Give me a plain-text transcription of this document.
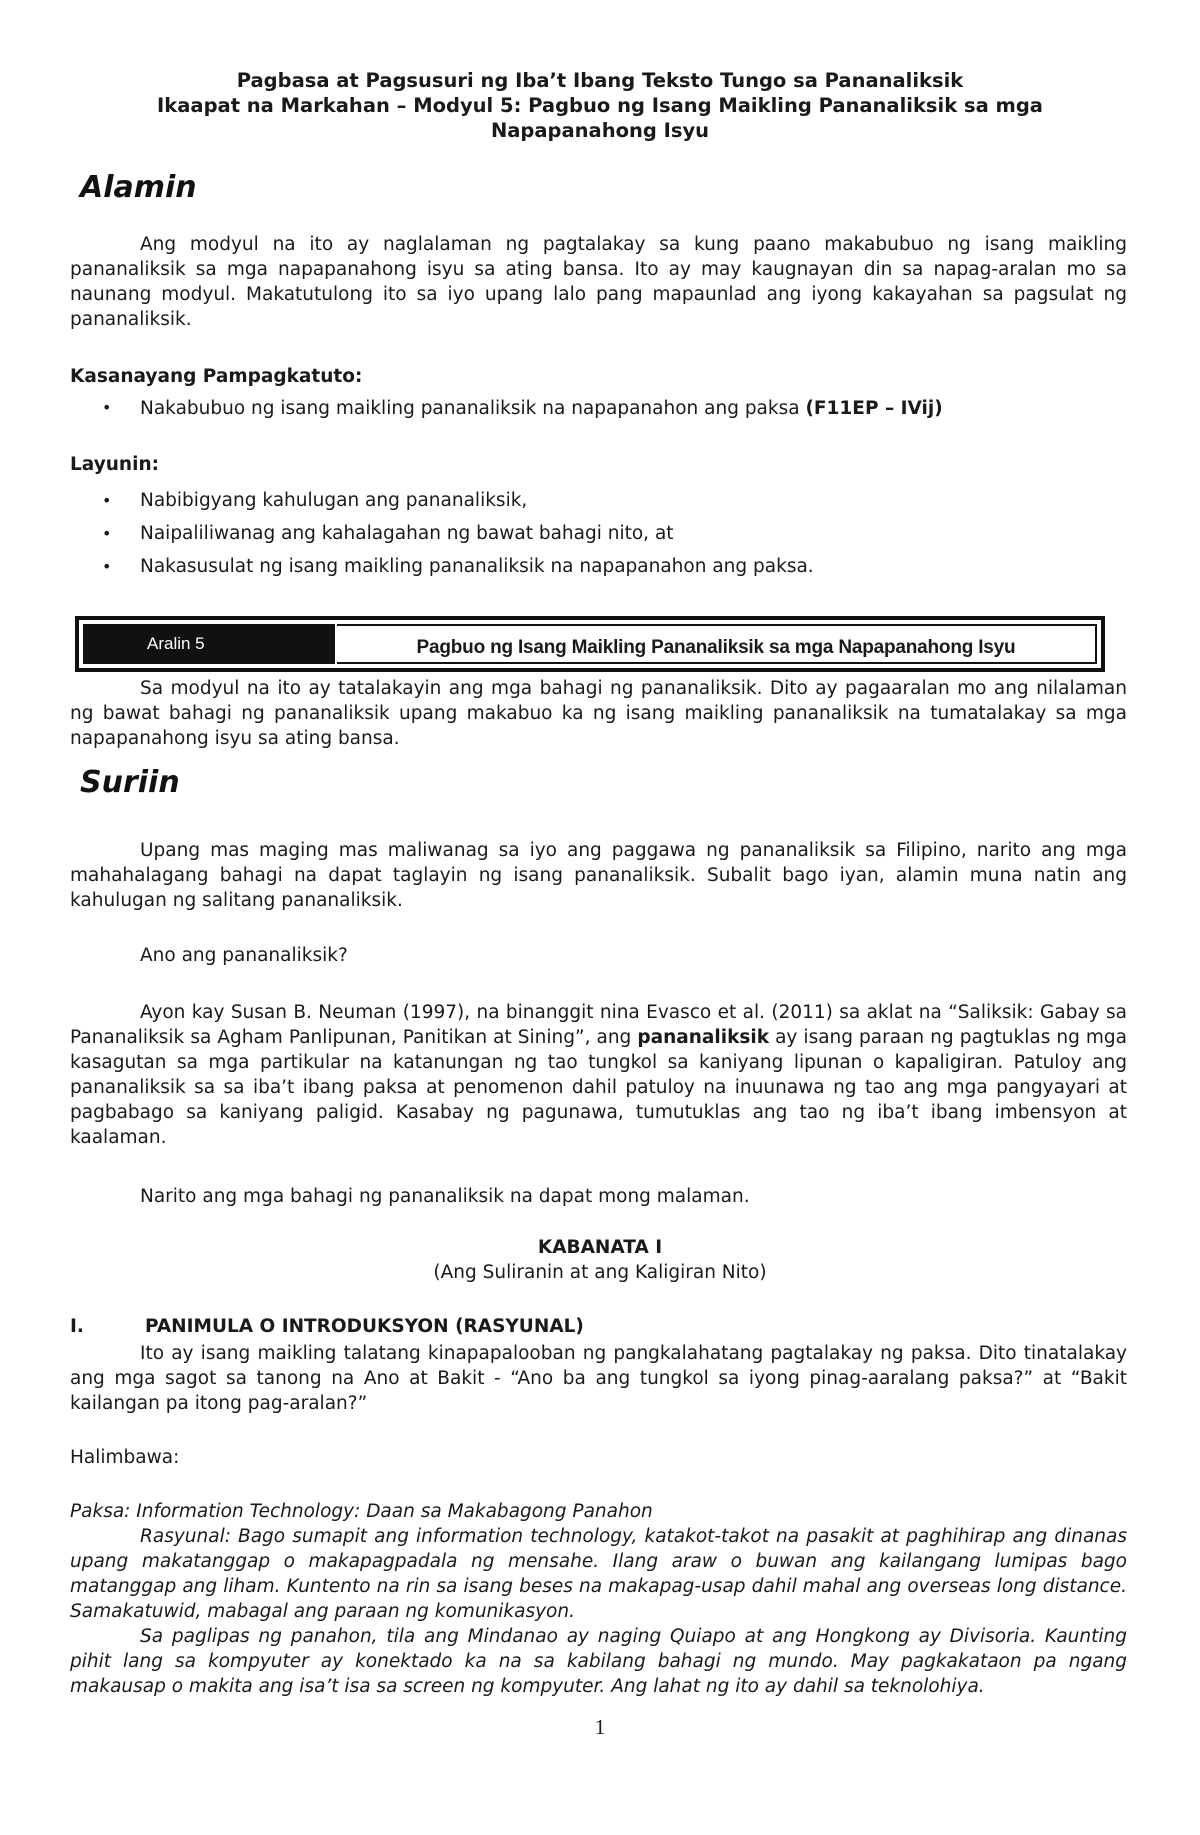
Pagbasa at Pagsusuri ng Iba’t Ibang Teksto Tungo sa Pananaliksik
Ikaapat na Markahan – Modyul 5: Pagbuo ng Isang Maikling Pananaliksik sa mga
Napapanahong Isyu
Alamin

Ang modyul na ito ay naglalaman ng pagtalakay sa kung paano makabubuo ng isang maikling pananaliksik sa mga napapanahong isyu sa ating bansa. Ito ay may kaugnayan din sa napag-aralan mo sa naunang modyul. Makatutulong ito sa iyo upang lalo pang mapaunlad ang iyong kakayahan sa pagsulat ng pananaliksik.

Kasanayang Pampagkatuto:
• Nakabubuo ng isang maikling pananaliksik na napapanahon ang paksa (F11EP – IVij)
Layunin:
• Nabibigyang kahulugan ang pananaliksik,
• Naipaliliwanag ang kahalagahan ng bawat bahagi nito, at
• Nakasusulat ng isang maikling pananaliksik na napapanahon ang paksa.
Aralin 5	Pagbuo ng Isang Maikling Pananaliksik sa mga Napapanahong Isyu

Sa modyul na ito ay tatalakayin ang mga bahagi ng pananaliksik. Dito ay pagaaralan mo ang nilalaman ng bawat bahagi ng pananaliksik upang makabuo ka ng isang maikling pananaliksik na tumatalakay sa mga napapanahong isyu sa ating bansa.

Suriin

Upang mas maging mas maliwanag sa iyo ang paggawa ng pananaliksik sa Filipino, narito ang mga mahahalagang bahagi na dapat taglayin ng isang pananaliksik. Subalit bago iyan, alamin muna natin ang kahulugan ng salitang pananaliksik.

Ano ang pananaliksik?

Ayon kay Susan B. Neuman (1997), na binanggit nina Evasco et al. (2011) sa aklat na “Saliksik: Gabay sa Pananaliksik sa Agham Panlipunan, Panitikan at Sining”, ang pananaliksik ay isang paraan ng pagtuklas ng mga kasagutan sa mga partikular na katanungan ng tao tungkol sa kaniyang lipunan o kapaligiran. Patuloy ang pananaliksik sa sa iba’t ibang paksa at penomenon dahil patuloy na inuunawa ng tao ang mga pangyayari at pagbabago sa kaniyang paligid. Kasabay ng pagunawa, tumutuklas ang tao ng iba’t ibang imbensyon at kaalaman.

Narito ang mga bahagi ng pananaliksik na dapat mong malaman.

KABANATA I
(Ang Suliranin at ang Kaligiran Nito)
I.	PANIMULA O INTRODUKSYON (RASYUNAL)

Ito ay isang maikling talatang kinapapalooban ng pangkalahatang pagtalakay ng paksa. Dito tinatalakay ang mga sagot sa tanong na Ano at Bakit - “Ano ba ang tungkol sa iyong pinag-aaralang paksa?” at “Bakit kailangan pa itong pag-aralan?”

Halimbawa:

Paksa: Information Technology: Daan sa Makabagong Panahon

Rasyunal: Bago sumapit ang information technology, katakot-takot na pasakit at paghihirap ang dinanas upang makatanggap o makapagpadala ng mensahe. Ilang araw o buwan ang kailangang lumipas bago matanggap ang liham. Kuntento na rin sa isang beses na makapag-usap dahil mahal ang overseas long distance. Samakatuwid, mabagal ang paraan ng komunikasyon.

Sa paglipas ng panahon, tila ang Mindanao ay naging Quiapo at ang Hongkong ay Divisoria. Kaunting pihit lang sa kompyuter ay konektado ka na sa kabilang bahagi ng mundo. May pagkakataon pa ngang makausap o makita ang isa’t isa sa screen ng kompyuter. Ang lahat ng ito ay dahil sa teknolohiya.

1
